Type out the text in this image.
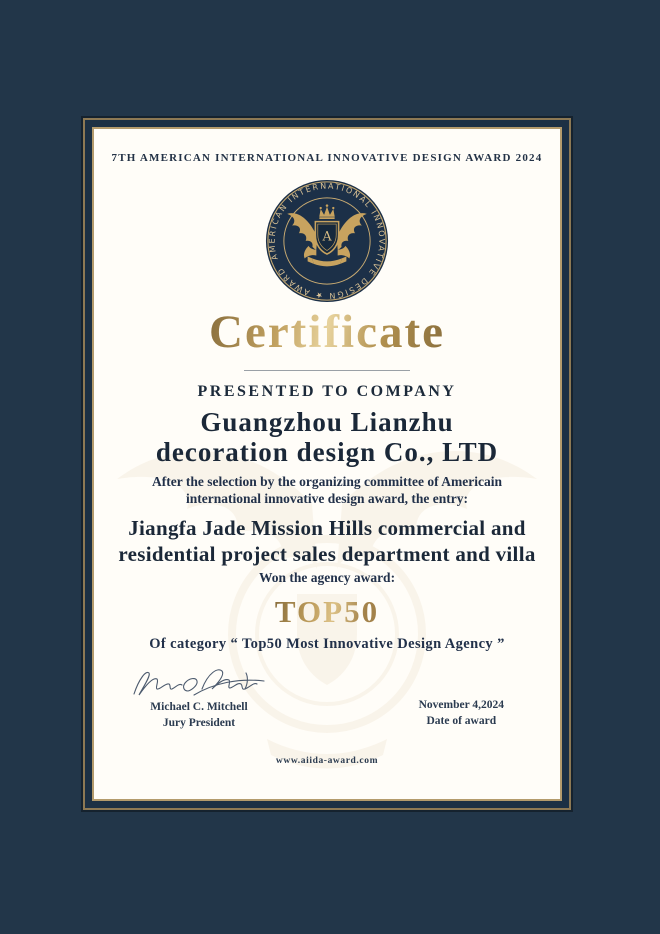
7TH AMERICAN INTERNATIONAL INNOVATIVE DESIGN AWARD 2024
AMERICAN INTERNATIONAL INNOVATIVE DESIGN ★ AWARD
A
Certificate
PRESENTED TO COMPANY
Guangzhou Lianzhu
decoration design Co., LTD
After the selection by the organizing committee of Americain
international innovative design award, the entry:
Jiangfa Jade Mission Hills commercial and
residential project sales department and villa
Won the agency award:
TOP50
Of category “ Top50 Most Innovative Design Agency ”
Michael C. Mitchell
Jury President
November 4,2024
Date of award
www.aiida-award.com
